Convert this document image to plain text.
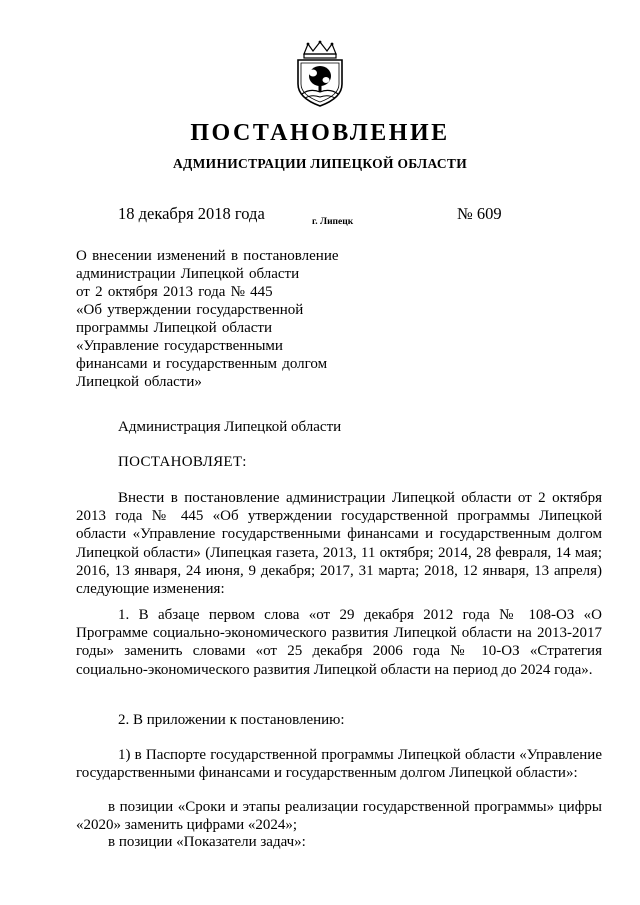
ПОСТАНОВЛЕНИЕ
АДМИНИСТРАЦИИ ЛИПЕЦКОЙ ОБЛАСТИ
18 декабря 2018 года	г. Липецк	№ 609
О внесении изменений в постановление
администрации Липецкой области
от 2 октября 2013 года № 445
«Об утверждении государственной
программы Липецкой области
«Управление государственными
финансами и государственным долгом
Липецкой области»
Администрация Липецкой области
ПОСТАНОВЛЯЕТ:
Внести в постановление администрации Липецкой области от 2 октября 2013 года № 445 «Об утверждении государственной программы Липецкой области «Управление государственными финансами и государственным долгом Липецкой области» (Липецкая газета, 2013, 11 октября; 2014, 28 февраля, 14 мая; 2016, 13 января, 24 июня, 9 декабря; 2017, 31 марта; 2018, 12 января, 13 апреля) следующие изменения:
1. В абзаце первом слова «от 29 декабря 2012 года № 108-ОЗ «О Программе социально-экономического развития Липецкой области на 2013-2017 годы» заменить словами «от 25 декабря 2006 года № 10-ОЗ «Стратегия социально-экономического развития Липецкой области на период до 2024 года».
2. В приложении к постановлению:
1) в Паспорте государственной программы Липецкой области «Управление государственными финансами и государственным долгом Липецкой области»:
в позиции «Сроки и этапы реализации государственной программы» цифры «2020» заменить цифрами «2024»;
в позиции «Показатели задач»:
